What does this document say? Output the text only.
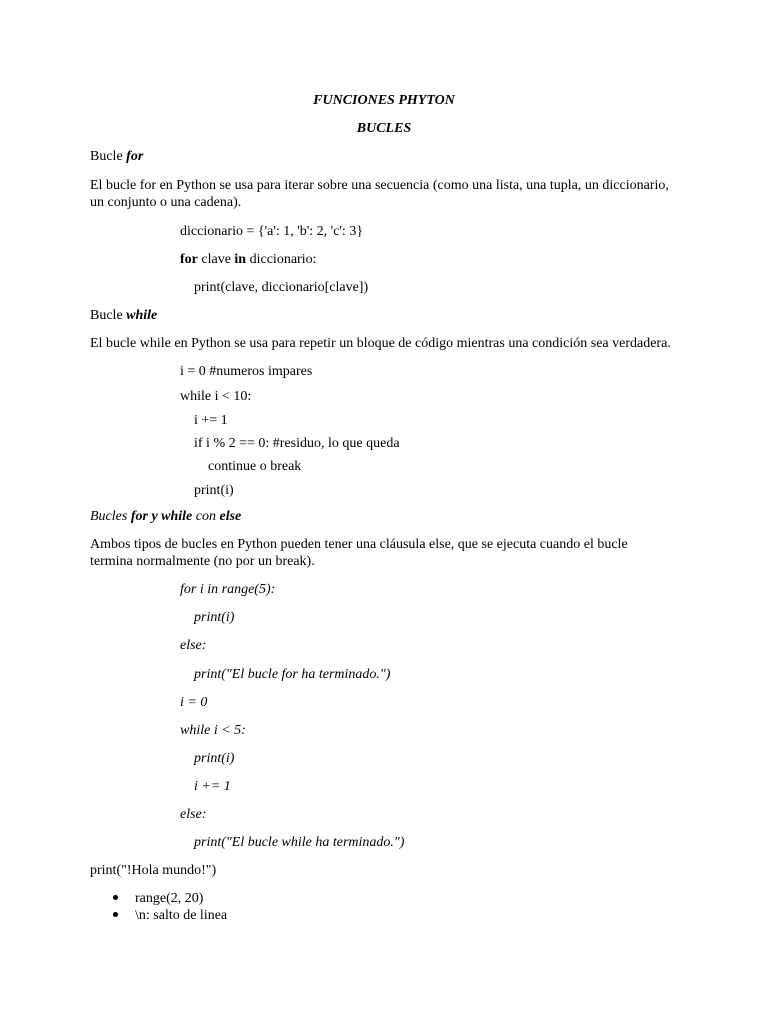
FUNCIONES PHYTON
BUCLES
Bucle for
El bucle for en Python se usa para iterar sobre una secuencia (como una lista, una tupla, un diccionario, un conjunto o una cadena).
diccionario = {'a': 1, 'b': 2, 'c': 3}
for clave in diccionario:
print(clave, diccionario[clave])
Bucle while
El bucle while en Python se usa para repetir un bloque de código mientras una condición sea verdadera.
i = 0 #numeros impares
while i < 10:
i += 1
if i % 2 == 0: #residuo, lo que queda
continue o break
print(i)
Bucles for y while con else
Ambos tipos de bucles en Python pueden tener una cláusula else, que se ejecuta cuando el bucle termina normalmente (no por un break).
for i in range(5):
print(i)
else:
print("El bucle for ha terminado.")
i = 0
while i < 5:
print(i)
i += 1
else:
print("El bucle while ha terminado.")
print("!Hola mundo!")
range(2, 20)
\n: salto de linea
